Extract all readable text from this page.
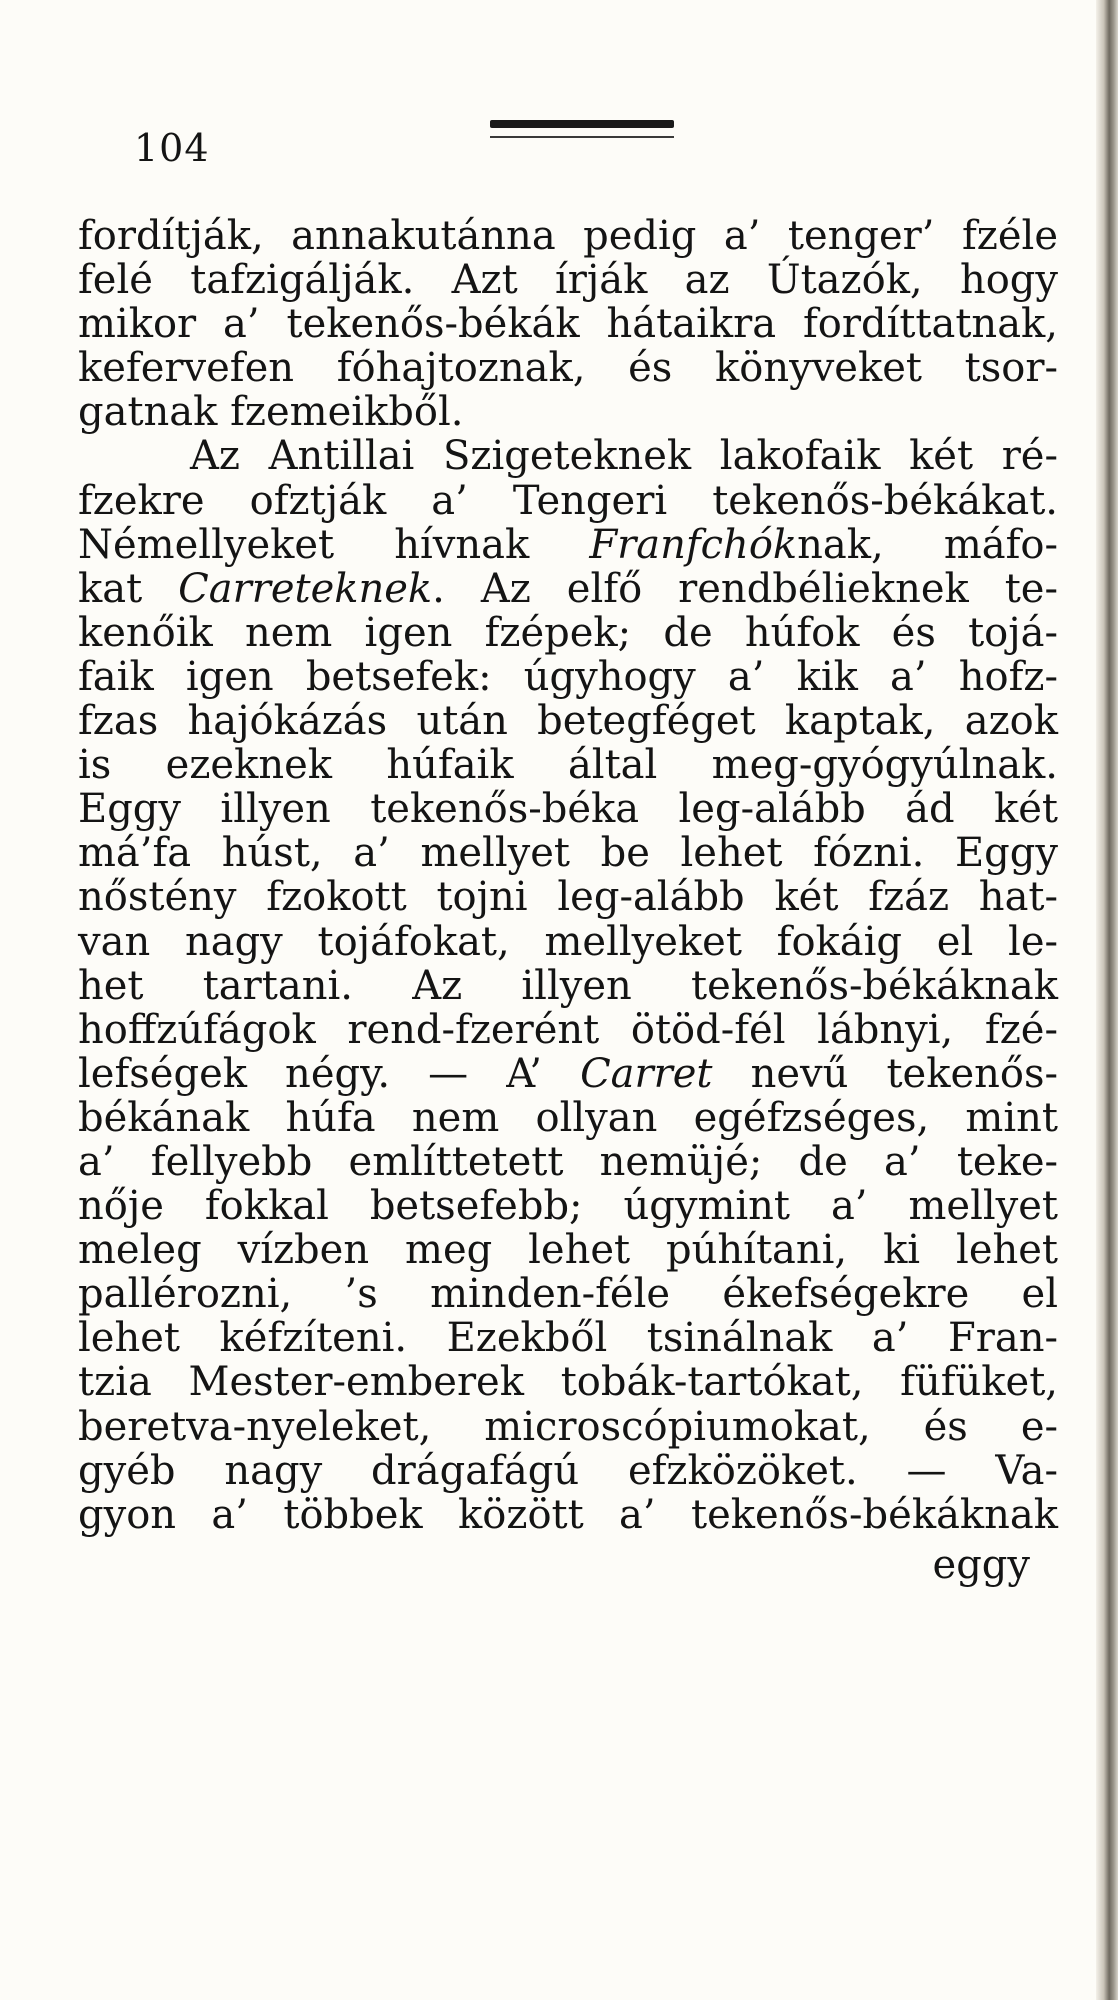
104
fordítják, annakutánna pedig a’ tenger’ fzéle
felé tafzigálják. Azt írják az Útazók, hogy
mikor a’ tekenős-békák hátaikra fordíttatnak,
kefervefen fóhajtoznak, és könyveket tsor-
gatnak fzemeikből.
Az Antillai Szigeteknek lakofaik két ré-
fzekre ofztják a’ Tengeri tekenős-békákat.
Némellyeket hívnak Franfchóknak, máfo-
kat Carreteknek. Az elfő rendbélieknek te-
kenőik nem igen fzépek; de húfok és tojá-
faik igen betsefek: úgyhogy a’ kik a’ hofz-
fzas hajókázás után betegféget kaptak, azok
is ezeknek húfaik által meg-gyógyúlnak.
Eggy illyen tekenős-béka leg-alább ád két
má’fa húst, a’ mellyet be lehet fózni. Eggy
nőstény fzokott tojni leg-alább két fzáz hat-
van nagy tojáfokat, mellyeket fokáig el le-
het tartani. Az illyen tekenős-békáknak
hoffzúfágok rend-fzerént ötöd-fél lábnyi, fzé-
lefségek négy. — A’ Carret nevű tekenős-
békának húfa nem ollyan egéfzséges, mint
a’ fellyebb említtetett nemüjé; de a’ teke-
nője fokkal betsefebb; úgymint a’ mellyet
meleg vízben meg lehet púhítani, ki lehet
pallérozni, ’s minden-féle ékefségekre el
lehet kéfzíteni. Ezekből tsinálnak a’ Fran-
tzia Mester-emberek tobák-tartókat, füfüket,
beretva-nyeleket, microscópiumokat, és e-
gyéb nagy drágafágú efzközöket. — Va-
gyon a’ többek között a’ tekenős-békáknak
eggy
